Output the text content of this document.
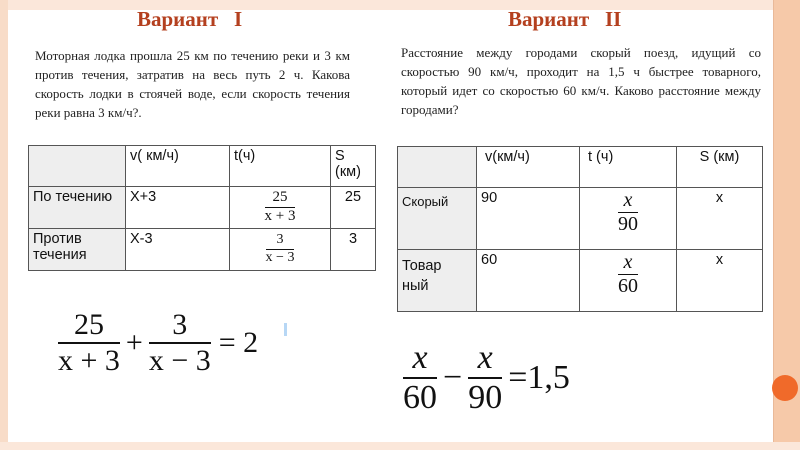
Вариант   I	Вариант   II
Моторная лодка прошла 25 км по течению реки и 3 км против течения, затратив на весь путь 2 ч. Какова скорость лодки в стоячей воде, если скорость течения реки равна 3 км/ч?.
Расстояние между городами скорый поезд, идущий со скоростью 90 км/ч, проходит на 1,5 ч быстрее товарного, который идет со скоростью 60 км/ч. Каково расстояние между городами?
	v( км/ч)	t(ч)	S (км)
По течению	X+3	$\frac{25}{x + 3}$	25
Против течения	X-3	$\frac{3}{x - 3}$	3
	v(км/ч)	t (ч)	S (км)
Скорый	90	$\frac{x}{90}$	x

Товарный	60	$\frac{x}{60}$	x
$\frac{25}{x + 3} + \frac{3}{x - 3} = 2$	$\frac{x}{60} - \frac{x}{90} =1,5$
